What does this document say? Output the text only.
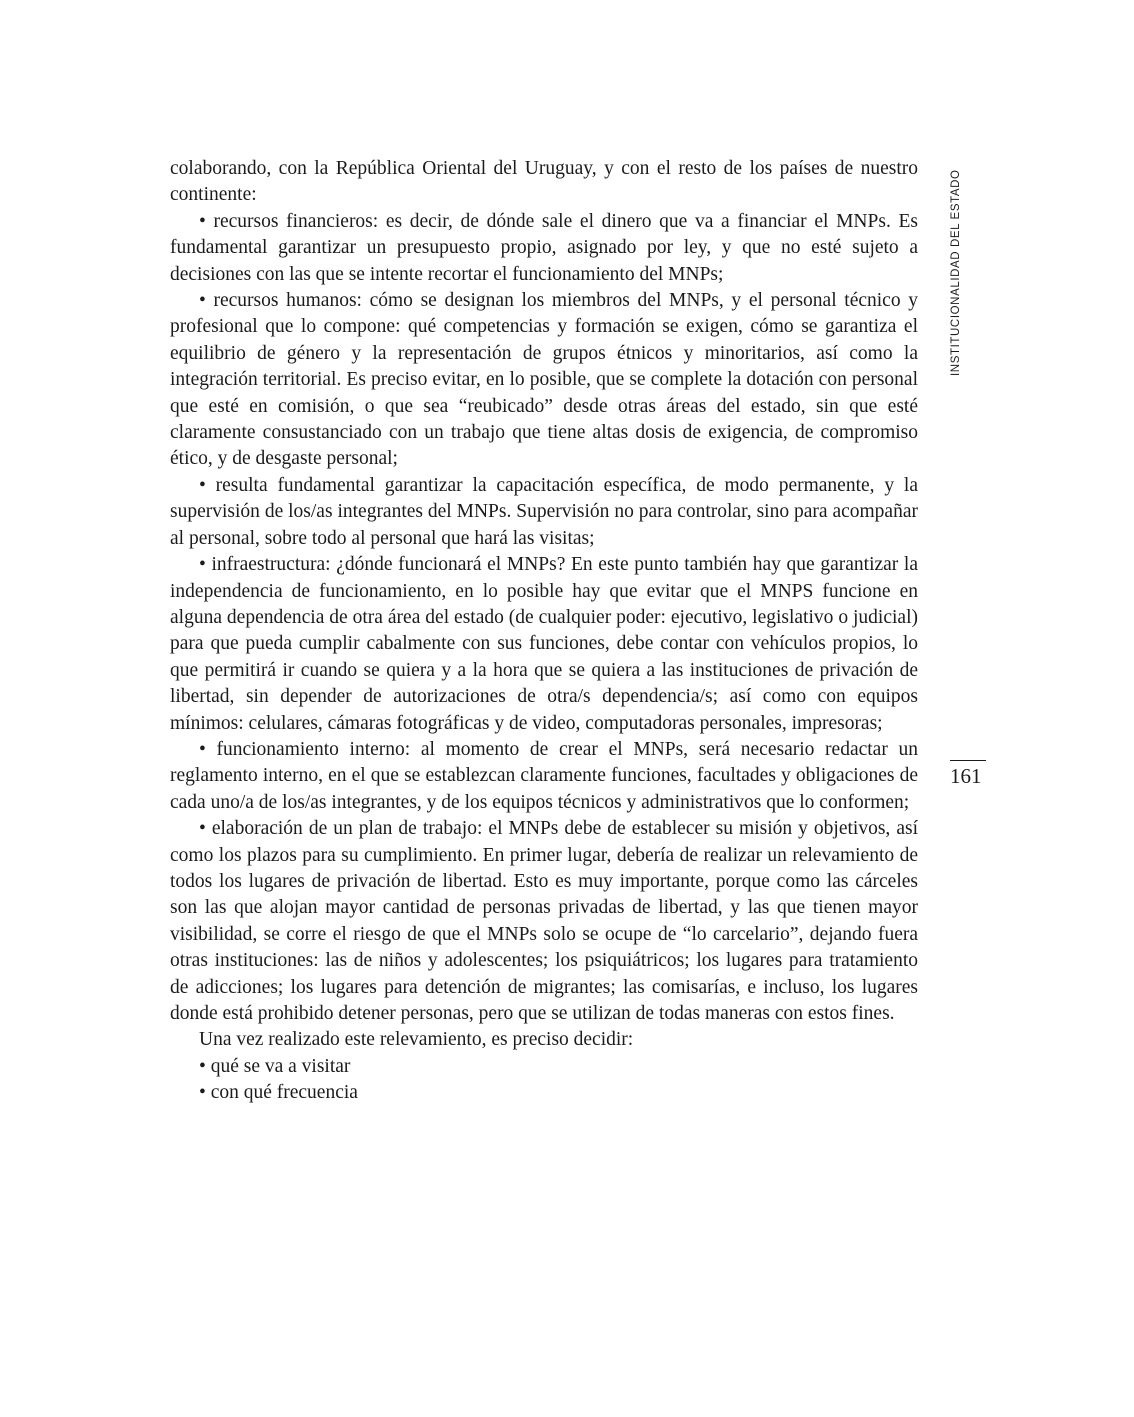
colaborando, con la República Oriental del Uruguay, y con el resto de los países de nuestro continente:

• recursos financieros: es decir, de dónde sale el dinero que va a financiar el MNPs. Es fundamental garantizar un presupuesto propio, asignado por ley, y que no esté sujeto a decisiones con las que se intente recortar el funcionamiento del MNPs;

• recursos humanos: cómo se designan los miembros del MNPs, y el personal técnico y profesional que lo compone: qué competencias y formación se exigen, cómo se garantiza el equilibrio de género y la representación de grupos étnicos y minoritarios, así como la integración territorial. Es preciso evitar, en lo posible, que se complete la dotación con personal que esté en comisión, o que sea “reubicado” desde otras áreas del estado, sin que esté claramente consustanciado con un trabajo que tiene altas dosis de exigencia, de compromiso ético, y de desgaste personal;

• resulta fundamental garantizar la capacitación específica, de modo permanente, y la supervisión de los/as integrantes del MNPs. Supervisión no para controlar, sino para acompañar al personal, sobre todo al personal que hará las visitas;

• infraestructura: ¿dónde funcionará el MNPs? En este punto también hay que garantizar la independencia de funcionamiento, en lo posible hay que evitar que el MNPS funcione en alguna dependencia de otra área del estado (de cualquier poder: ejecutivo, legislativo o judicial) para que pueda cumplir cabalmente con sus funciones, debe contar con vehículos propios, lo que permitirá ir cuando se quiera y a la hora que se quiera a las instituciones de privación de libertad, sin depender de autorizaciones de otra/s dependencia/s; así como con equipos mínimos: celulares, cámaras fotográficas y de video, computadoras personales, impresoras;

• funcionamiento interno: al momento de crear el MNPs, será necesario redactar un reglamento interno, en el que se establezcan claramente funciones, facultades y obligaciones de cada uno/a de los/as integrantes, y de los equipos técnicos y administrativos que lo conformen;

• elaboración de un plan de trabajo: el MNPs debe de establecer su misión y objetivos, así como los plazos para su cumplimiento. En primer lugar, debería de realizar un relevamiento de todos los lugares de privación de libertad. Esto es muy importante, porque como las cárceles son las que alojan mayor cantidad de personas privadas de libertad, y las que tienen mayor visibilidad, se corre el riesgo de que el MNPs solo se ocupe de “lo carcelario”, dejando fuera otras instituciones: las de niños y adolescentes; los psiquiátricos; los lugares para tratamiento de adicciones; los lugares para detención de migrantes; las comisarías, e incluso, los lugares donde está prohibido detener personas, pero que se utilizan de todas maneras con estos fines.

Una vez realizado este relevamiento, es preciso decidir:

• qué se va a visitar

• con qué frecuencia

INSTITUCIONALIDAD DEL ESTADO
161
